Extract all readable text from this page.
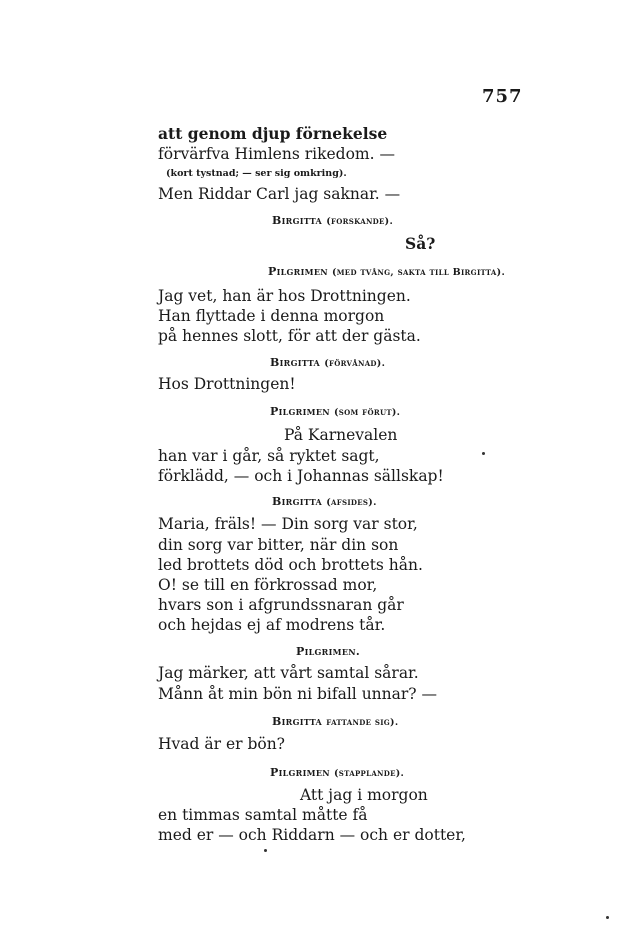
757
att genom djup förnekelse
förvärfva Himlens rikedom. —
(kort tystnad; — ser sig omkring).
Men Riddar Carl jag saknar. —
Birgitta (forskande).
Så?
Pilgrimen (med tvång, sakta till Birgitta).
Jag vet, han är hos Drottningen.
Han flyttade i denna morgon
på hennes slott, för att der gästa.
Birgitta (förvånad).
Hos Drottningen!
Pilgrimen (som förut).
På Karnevalen
han var i går, så ryktet sagt,
förklädd, — och i Johannas sällskap!
Birgitta (afsides).
Maria, fräls! — Din sorg var stor,
din sorg var bitter, när din son
led brottets död och brottets hån.
O! se till en förkrossad mor,
hvars son i afgrundssnaran går
och hejdas ej af modrens tår.
Pilgrimen.
Jag märker, att vårt samtal sårar.
Månn åt min bön ni bifall unnar? —
Birgitta fattande sig).
Hvad är er bön?
Pilgrimen (stapplande).
Att jag i morgon
en timmas samtal måtte få
med er — och Riddarn — och er dotter,
